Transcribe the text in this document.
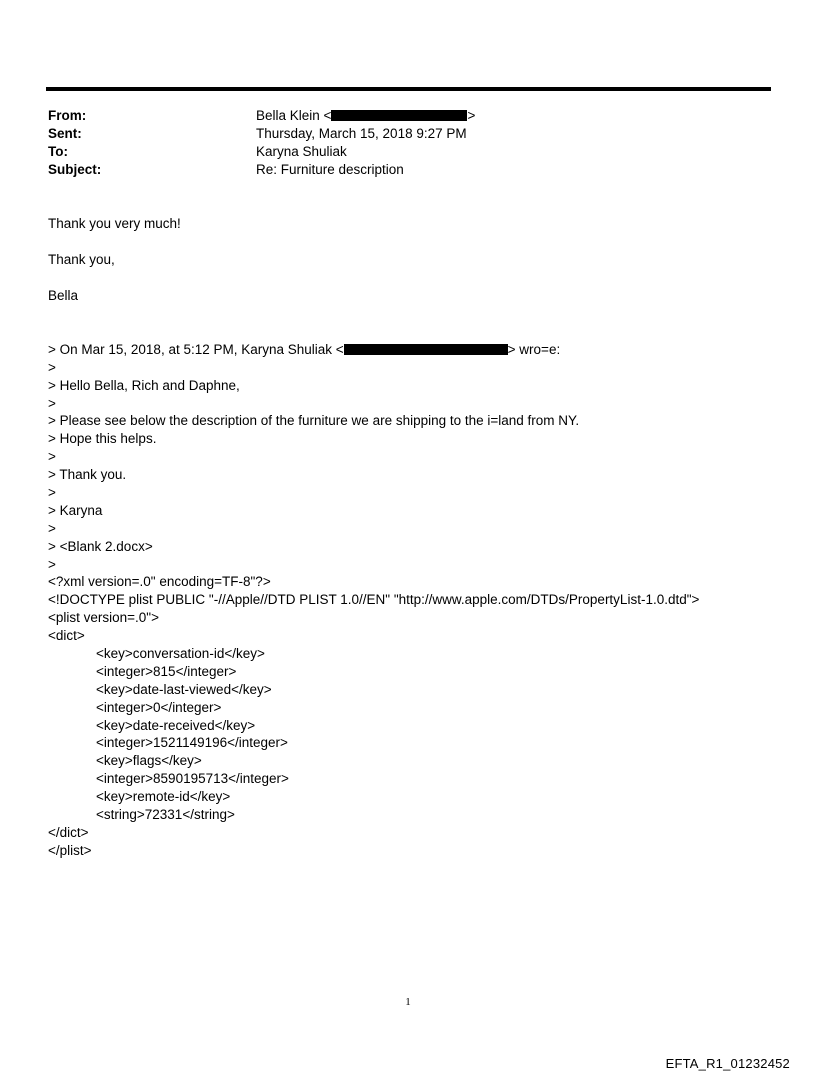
From:	Bella Klein <	>
Sent:	Thursday, March 15, 2018 9:27 PM
To:	Karyna Shuliak
Subject:	Re: Furniture description
Thank you very much!
Thank you,
Bella
> On Mar 15, 2018, at 5:12 PM, Karyna Shuliak <	> wro=e:
>
> Hello Bella, Rich and Daphne,
>
> Please see below the description of the furniture we are shipping to the i=land from NY.
> Hope this helps.
>
> Thank you.
>
> Karyna
>
> <Blank 2.docx>
>
<?xml version=.0" encoding=TF-8"?>
<!DOCTYPE plist PUBLIC "-//Apple//DTD PLIST 1.0//EN" "http://www.apple.com/DTDs/PropertyList-1.0.dtd">
<plist version=.0">
<dict>
<key>conversation-id</key>
<integer>815</integer>
<key>date-last-viewed</key>
<integer>0</integer>
<key>date-received</key>
<integer>1521149196</integer>
<key>flags</key>
<integer>8590195713</integer>
<key>remote-id</key>
<string>72331</string>
</dict>
</plist>
1
EFTA_R1_01232452
